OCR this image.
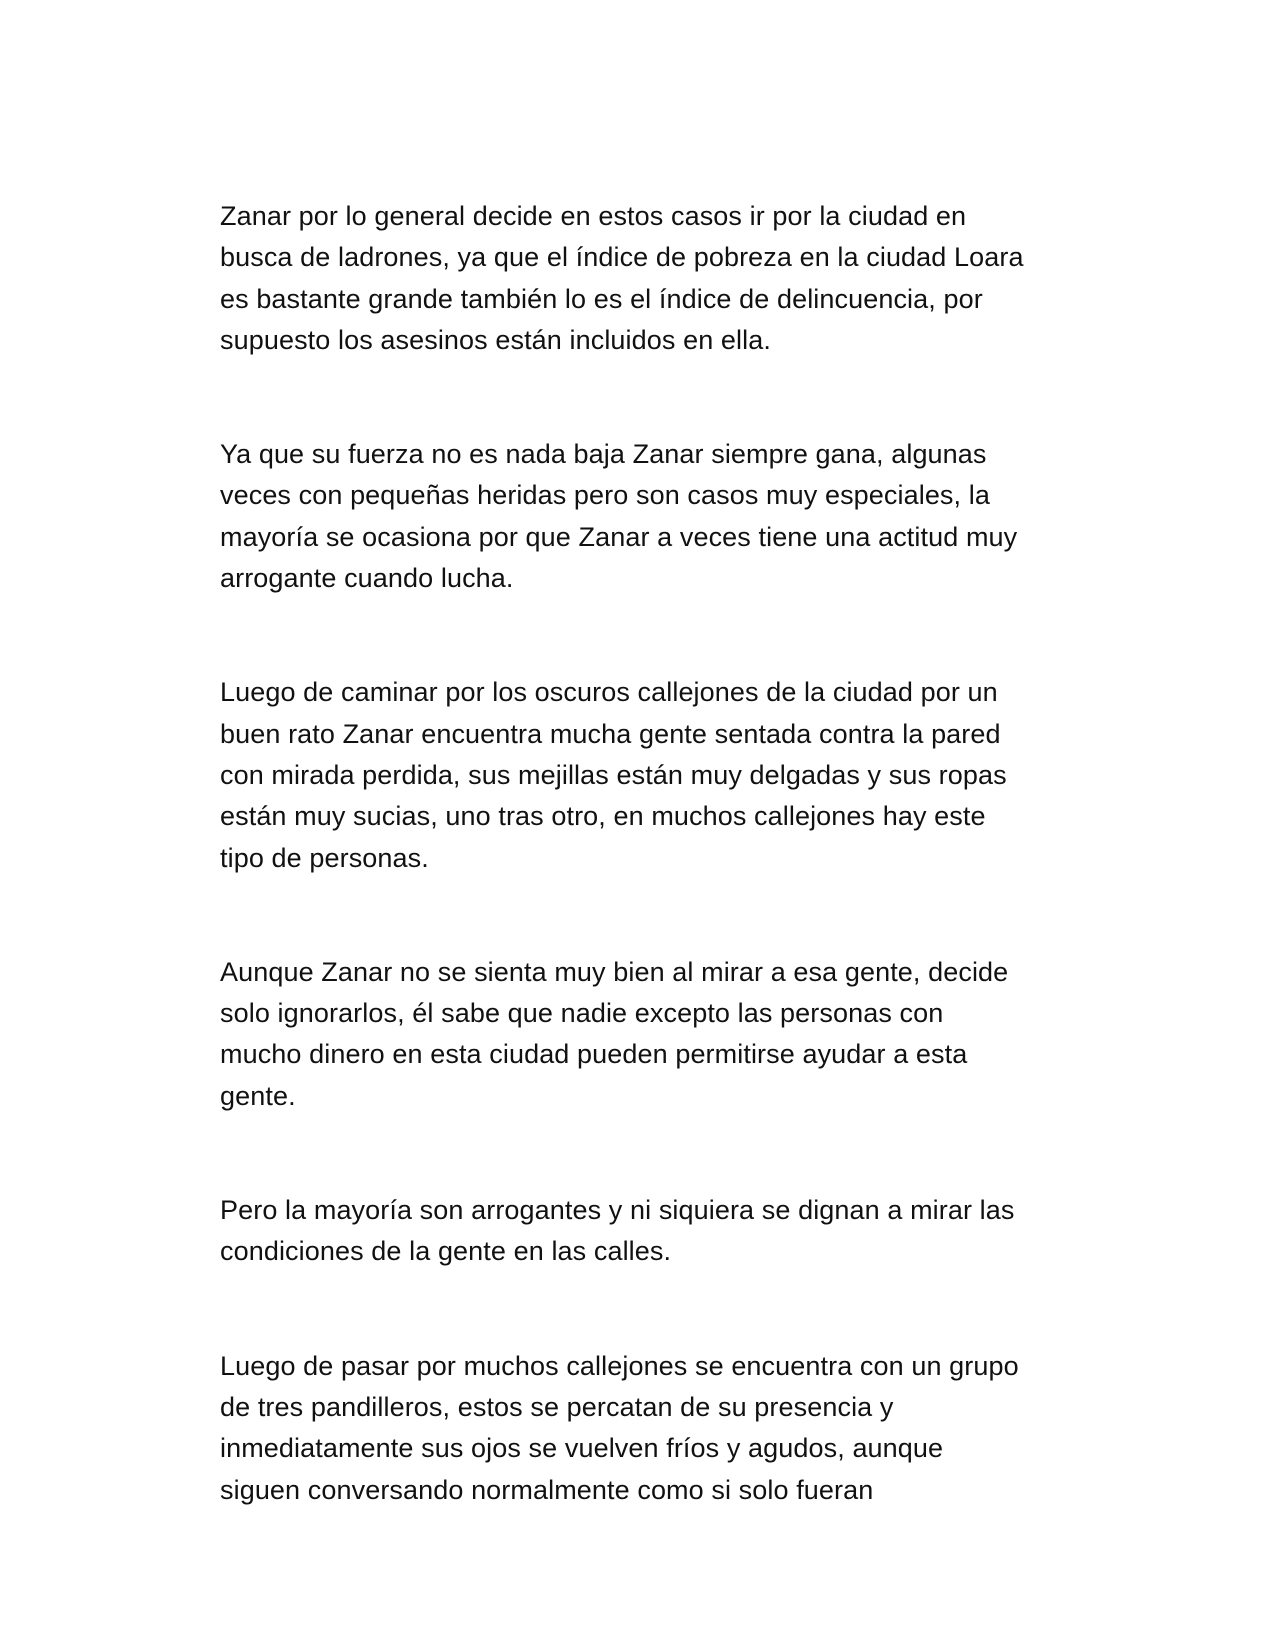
Zanar por lo general decide en estos casos ir por la ciudad en
busca de ladrones, ya que el índice de pobreza en la ciudad Loara
es bastante grande también lo es el índice de delincuencia, por
supuesto los asesinos están incluidos en ella.

Ya que su fuerza no es nada baja Zanar siempre gana, algunas
veces con pequeñas heridas pero son casos muy especiales, la
mayoría se ocasiona por que Zanar a veces tiene una actitud muy
arrogante cuando lucha.

Luego de caminar por los oscuros callejones de la ciudad por un
buen rato Zanar encuentra mucha gente sentada contra la pared
con mirada perdida, sus mejillas están muy delgadas y sus ropas
están muy sucias, uno tras otro, en muchos callejones hay este
tipo de personas.

Aunque Zanar no se sienta muy bien al mirar a esa gente, decide
solo ignorarlos, él sabe que nadie excepto las personas con
mucho dinero en esta ciudad pueden permitirse ayudar a esta
gente.

Pero la mayoría son arrogantes y ni siquiera se dignan a mirar las
condiciones de la gente en las calles.

Luego de pasar por muchos callejones se encuentra con un grupo
de tres pandilleros, estos se percatan de su presencia y
inmediatamente sus ojos se vuelven fríos y agudos, aunque
siguen conversando normalmente como si solo fueran
